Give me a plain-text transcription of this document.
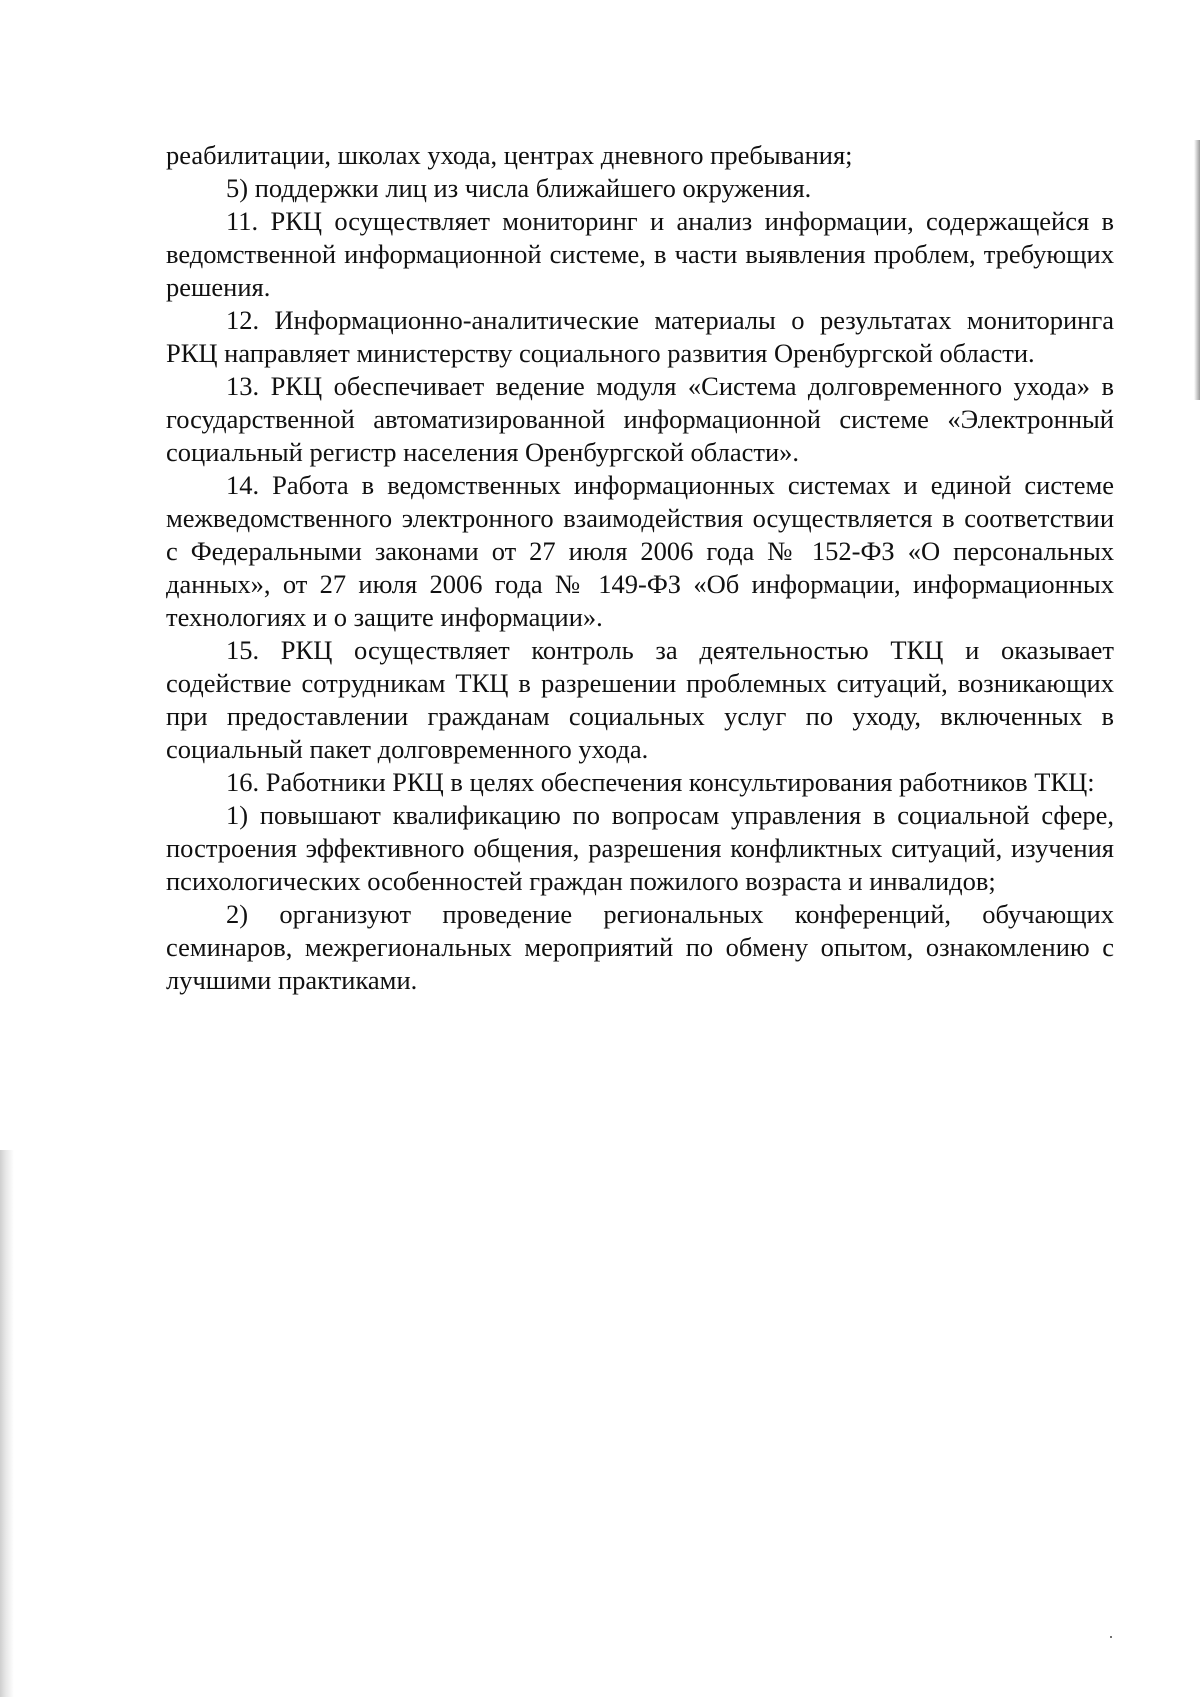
реабилитации, школах ухода, центрах дневного пребывания;

5) поддержки лиц из числа ближайшего окружения.

11. РКЦ осуществляет мониторинг и анализ информации, содержащейся в ведомственной информационной системе, в части выявления проблем, требующих решения.

12. Информационно-аналитические материалы о результатах мониторинга РКЦ направляет министерству социального развития Оренбургской области.

13. РКЦ обеспечивает ведение модуля «Система долговременного ухода» в государственной автоматизированной информационной системе «Электронный социальный регистр населения Оренбургской области».

14. Работа в ведомственных информационных системах и единой системе межведомственного электронного взаимодействия осуществляется в соответствии с Федеральными законами от 27 июля 2006 года № 152-ФЗ «О персональных данных», от 27 июля 2006 года № 149-ФЗ «Об информации, информационных технологиях и о защите информации».

15. РКЦ осуществляет контроль за деятельностью ТКЦ и оказывает содействие сотрудникам ТКЦ в разрешении проблемных ситуаций, возникающих при предоставлении гражданам социальных услуг по уходу, включенных в социальный пакет долговременного ухода.

16. Работники РКЦ в целях обеспечения консультирования работников ТКЦ:

1) повышают квалификацию по вопросам управления в социальной сфере, построения эффективного общения, разрешения конфликтных ситуаций, изучения психологических особенностей граждан пожилого возраста и инвалидов;

2) организуют проведение региональных конференций, обучающих семинаров, межрегиональных мероприятий по обмену опытом, ознакомлению с лучшими практиками.
